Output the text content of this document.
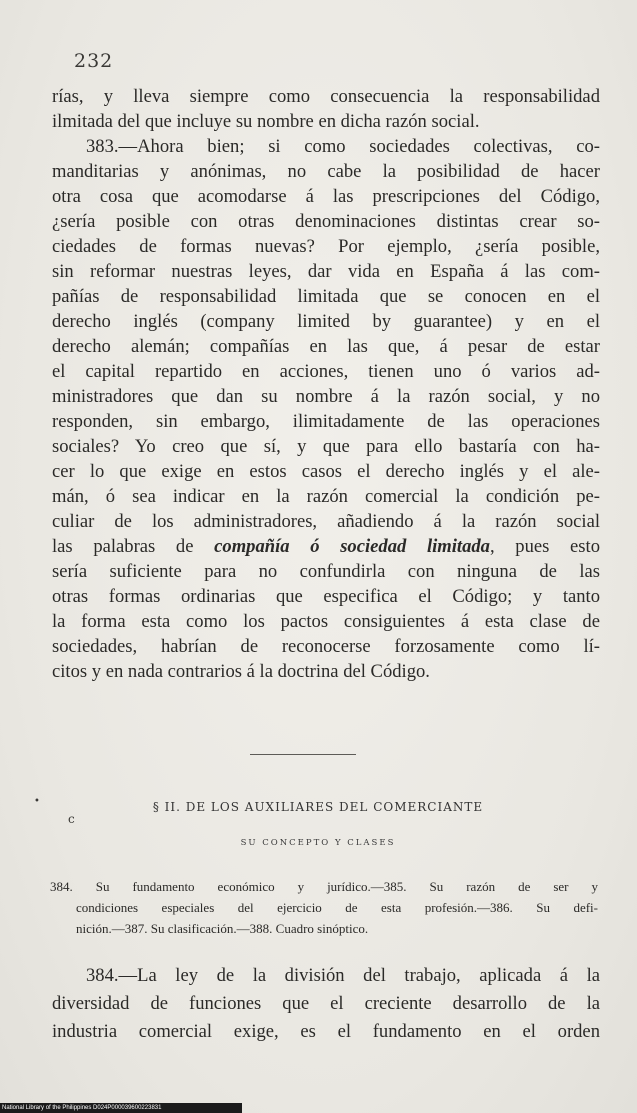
232
rías, y lleva siempre como consecuencia la responsabilidad
ilmitada del que incluye su nombre en dicha razón social.
383.—Ahora bien; si como sociedades colectivas, co-
manditarias y anónimas, no cabe la posibilidad de hacer
otra cosa que acomodarse á las prescripciones del Código,
¿sería posible con otras denominaciones distintas crear so-
ciedades de formas nuevas? Por ejemplo, ¿sería posible,
sin reformar nuestras leyes, dar vida en España á las com-
pañías de responsabilidad limitada que se conocen en el
derecho inglés (company limited by guarantee) y en el
derecho alemán; compañías en las que, á pesar de estar
el capital repartido en acciones, tienen uno ó varios ad-
ministradores que dan su nombre á la razón social, y no
responden, sin embargo, ilimitadamente de las operaciones
sociales? Yo creo que sí, y que para ello bastaría con ha-
cer lo que exige en estos casos el derecho inglés y el ale-
mán, ó sea indicar en la razón comercial la condición pe-
culiar de los administradores, añadiendo á la razón social
las palabras de compañía ó sociedad limitada, pues esto
sería suficiente para no confundirla con ninguna de las
otras formas ordinarias que especifica el Código; y tanto
la forma esta como los pactos consiguientes á esta clase de
sociedades, habrían de reconocerse forzosamente como lí-
citos y en nada contrarios á la doctrina del Código.
•
c
§ II. DE LOS AUXILIARES DEL COMERCIANTE
SU CONCEPTO Y CLASES
384. Su fundamento económico y jurídico.—385. Su razón de ser y
condiciones especiales del ejercicio de esta profesión.—386. Su defi-
nición.—387. Su clasificación.—388. Cuadro sinóptico.
384.—La ley de la división del trabajo, aplicada á la
diversidad de funciones que el creciente desarrollo de la
industria comercial exige, es el fundamento en el orden
National Library of the Philippines D024P000039600223831
